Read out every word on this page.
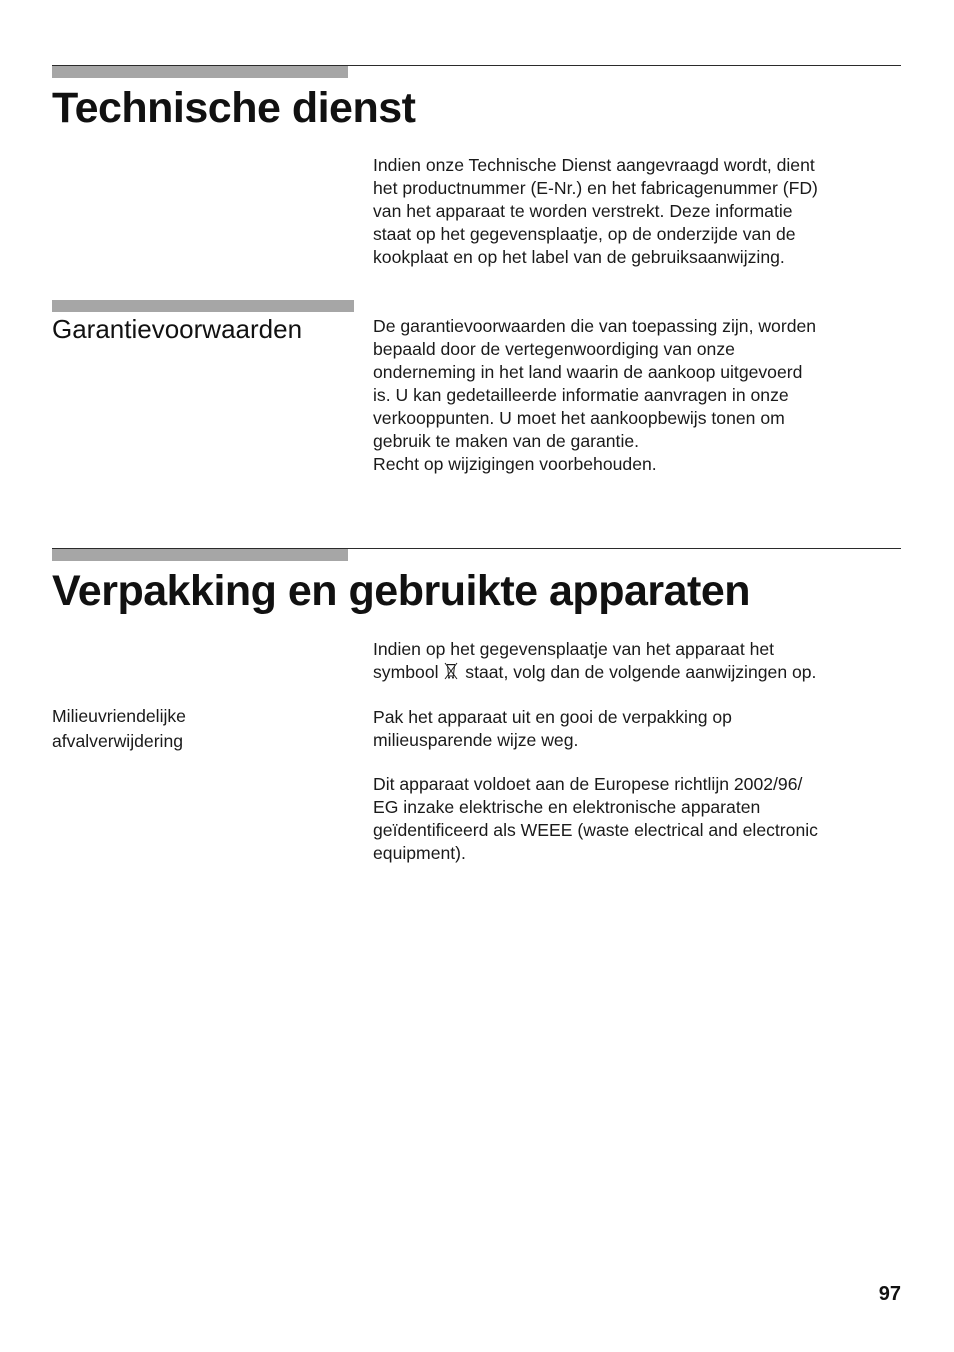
Technische dienst
Indien onze Technische Dienst aangevraagd wordt, dient
het productnummer (E-Nr.) en het fabricagenummer (FD)
van het apparaat te worden verstrekt. Deze informatie
staat op het gegevensplaatje, op de onderzijde van de
kookplaat en op het label van de gebruiksaanwijzing.
Garantievoorwaarden	De garantievoorwaarden die van toepassing zijn, worden
bepaald door de vertegenwoordiging van onze
onderneming in het land waarin de aankoop uitgevoerd
is. U kan gedetailleerde informatie aanvragen in onze
verkooppunten. U moet het aankoopbewijs tonen om
gebruik te maken van de garantie.
Recht op wijzigingen voorbehouden.
Verpakking en gebruikte apparaten
Indien op het gegevensplaatje van het apparaat het
symbool staat, volg dan de volgende aanwijzingen op.
Milieuvriendelijke
afvalverwijdering
Pak het apparaat uit en gooi de verpakking op
milieusparende wijze weg.
Dit apparaat voldoet aan de Europese richtlijn 2002/96/
EG inzake elektrische en elektronische apparaten
geïdentificeerd als WEEE (waste electrical and electronic
equipment).
97
